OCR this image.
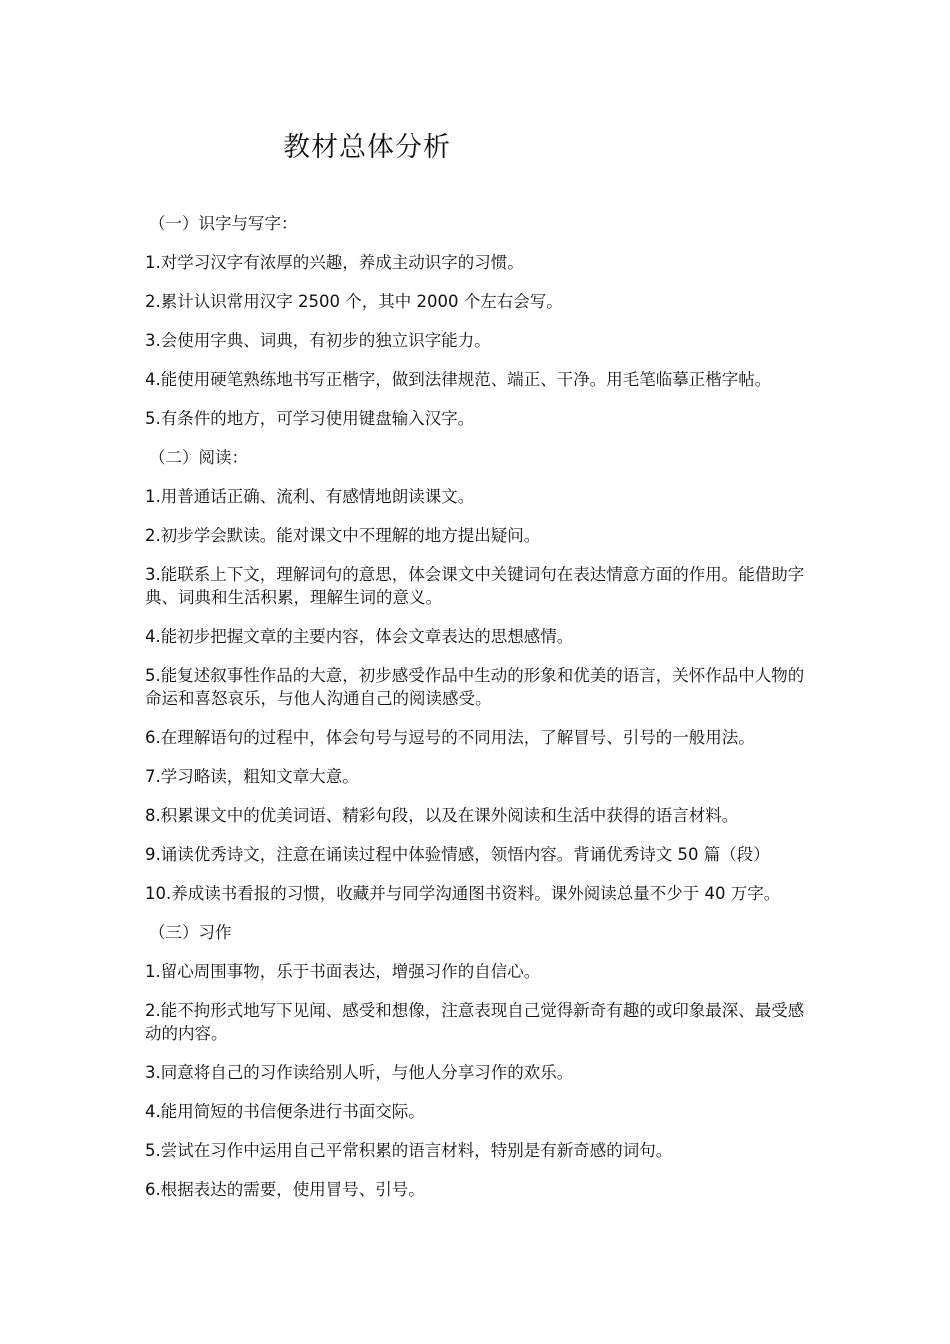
教材总体分析

（一）识字与写字：

1.对学习汉字有浓厚的兴趣，养成主动识字的习惯。

2.累计认识常用汉字 2500 个，其中 2000 个左右会写。

3.会使用字典、词典，有初步的独立识字能力。

4.能使用硬笔熟练地书写正楷字，做到法律规范、端正、干净。用毛笔临摹正楷字帖。

5.有条件的地方，可学习使用键盘输入汉字。

（二）阅读：

1.用普通话正确、流利、有感情地朗读课文。

2.初步学会默读。能对课文中不理解的地方提出疑问。

3.能联系上下文，理解词句的意思，体会课文中关键词句在表达情意方面的作用。能借助字典、词典和生活积累，理解生词的意义。

4.能初步把握文章的主要内容，体会文章表达的思想感情。

5.能复述叙事性作品的大意，初步感受作品中生动的形象和优美的语言，关怀作品中人物的命运和喜怒哀乐，与他人沟通自己的阅读感受。

6.在理解语句的过程中，体会句号与逗号的不同用法，了解冒号、引号的一般用法。

7.学习略读，粗知文章大意。

8.积累课文中的优美词语、精彩句段，以及在课外阅读和生活中获得的语言材料。

9.诵读优秀诗文，注意在诵读过程中体验情感，领悟内容。背诵优秀诗文 50 篇（段）

10.养成读书看报的习惯，收藏并与同学沟通图书资料。课外阅读总量不少于 40 万字。

（三）习作

1.留心周围事物，乐于书面表达，增强习作的自信心。

2.能不拘形式地写下见闻、感受和想像，注意表现自己觉得新奇有趣的或印象最深、最受感动的内容。

3.同意将自己的习作读给别人听，与他人分享习作的欢乐。

4.能用简短的书信便条进行书面交际。

5.尝试在习作中运用自己平常积累的语言材料，特别是有新奇感的词句。

6.根据表达的需要，使用冒号、引号。
